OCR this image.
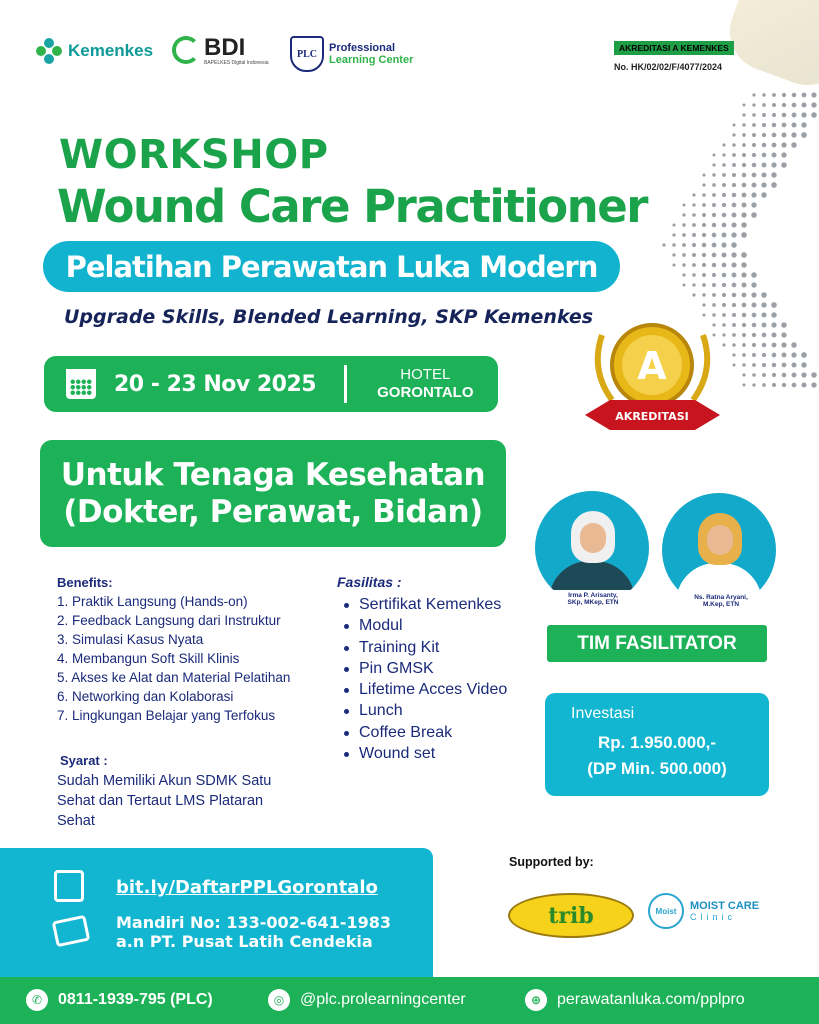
Kemenkes BDI
BAPELKES Digital Indonesia
PLC	Professional
Learning Center
AKREDITASI A KEMENKES
No. HK/02/02/F/4077/2024
WORKSHOP
Wound Care Practitioner
Pelatihan Perawatan Luka Modern
Upgrade Skills, Blended Learning, SKP Kemenkes
20 - 23 Nov 2025	HOTEL
GORONTALO
A
AKREDITASI
Untuk Tenaga Kesehatan
(Dokter, Perawat, Bidan)
Irma P. Arisanty,
SKp, MKep, ETN
Ns. Ratna Aryani,
M.Kep, ETN
TIM FASILITATOR
Benefits:
1. Praktik Langsung (Hands-on)
2. Feedback Langsung dari Instruktur
3. Simulasi Kasus Nyata
4. Membangun Soft Skill Klinis
5. Akses ke Alat dan Material Pelatihan
6. Networking dan Kolaborasi
7. Lingkungan Belajar yang Terfokus
Syarat :
Sudah Memiliki Akun SDMK Satu
Sehat dan Tertaut LMS Plataran
Sehat
Fasilitas :
Sertifikat Kemenkes
Modul
Training Kit
Pin GMSK
Lifetime Acces Video
Lunch
Coffee Break
Wound set
Investasi
Rp. 1.950.000,-
(DP Min. 500.000)
bit.ly/DaftarPPLGorontalo
Mandiri No: 133-002-641-1983
a.n PT. Pusat Latih Cendekia
Supported by:
trib	Moist	MOIST CARE
Clinic
✆ 0811-1939-795 (PLC)	◎ @plc.prolearningcenter	⊕ perawatanluka.com/pplpro
